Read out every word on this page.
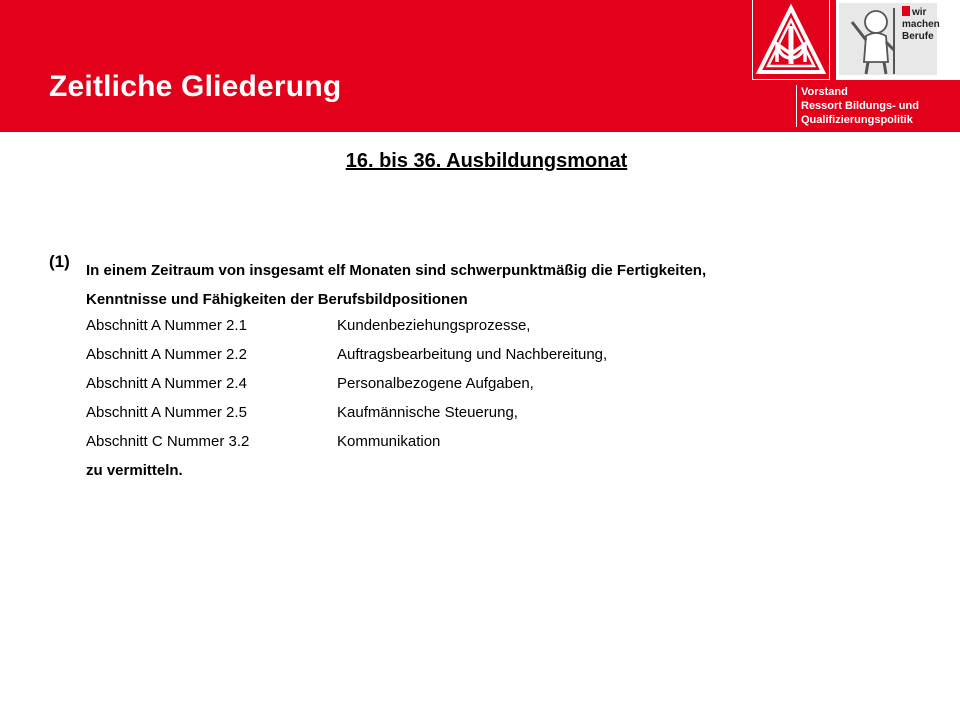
Zeitliche Gliederung	Vorstand
Ressort Bildungs- und
Qualifizierungspolitik
wir
machen
Berufe
16. bis 36. Ausbildungsmonat
(1) In einem Zeitraum von insgesamt elf Monaten sind schwerpunktmäßig die Fertigkeiten,
Kenntnisse und Fähigkeiten der Berufsbildpositionen
Abschnitt A Nummer 2.1	Kundenbeziehungsprozesse,
Abschnitt A Nummer 2.2	Auftragsbearbeitung und Nachbereitung,
Abschnitt A Nummer 2.4	Personalbezogene Aufgaben,
Abschnitt A Nummer 2.5	Kaufmännische Steuerung,
Abschnitt C Nummer 3.2	Kommunikation
zu vermitteln.
